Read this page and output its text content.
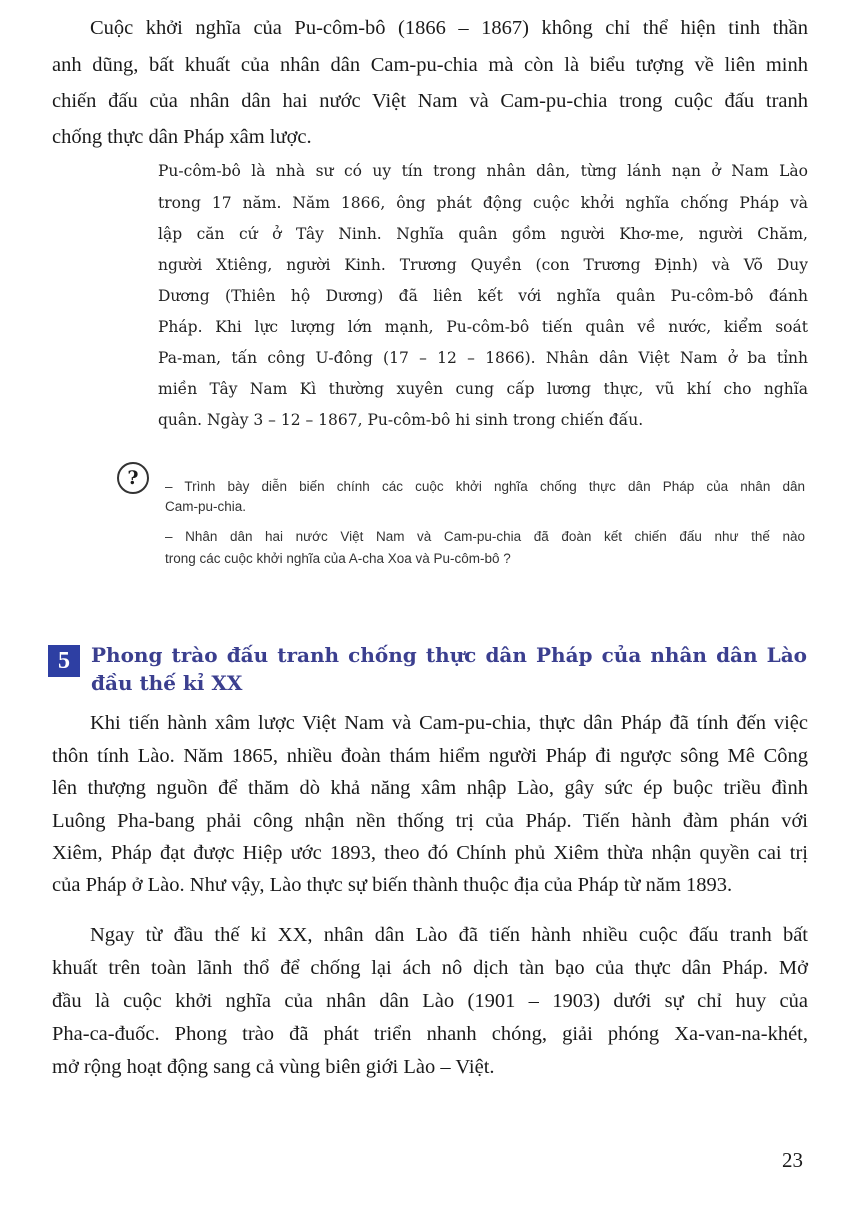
Cuộc khởi nghĩa của Pu-côm-bô (1866 – 1867) không chỉ thể hiện tinh thần
anh dũng, bất khuất của nhân dân Cam-pu-chia mà còn là biểu tượng về liên minh
chiến đấu của nhân dân hai nước Việt Nam và Cam-pu-chia trong cuộc đấu tranh
chống thực dân Pháp xâm lược.
Pu-côm-bô là nhà sư có uy tín trong nhân dân, từng lánh nạn ở Nam Lào
trong 17 năm. Năm 1866, ông phát động cuộc khởi nghĩa chống Pháp và
lập căn cứ ở Tây Ninh. Nghĩa quân gồm người Khơ-me, người Chăm,
người Xtiêng, người Kinh. Trương Quyền (con Trương Định) và Võ Duy
Dương (Thiên hộ Dương) đã liên kết với nghĩa quân Pu-côm-bô đánh
Pháp. Khi lực lượng lớn mạnh, Pu-côm-bô tiến quân về nước, kiểm soát
Pa-man, tấn công U-đông (17 – 12 – 1866). Nhân dân Việt Nam ở ba tỉnh
miền Tây Nam Kì thường xuyên cung cấp lương thực, vũ khí cho nghĩa
quân. Ngày 3 – 12 – 1867, Pu-côm-bô hi sinh trong chiến đấu.
?	– Trình bày diễn biến chính các cuộc khởi nghĩa chống thực dân Pháp của nhân dân
Cam-pu-chia.
– Nhân dân hai nước Việt Nam và Cam-pu-chia đã đoàn kết chiến đấu như thế nào
trong các cuộc khởi nghĩa của A-cha Xoa và Pu-côm-bô ?
5	Phong trào đấu tranh chống thực dân Pháp của nhân dân Lào
đầu thế kỉ XX
Khi tiến hành xâm lược Việt Nam và Cam-pu-chia, thực dân Pháp đã tính đến việc
thôn tính Lào. Năm 1865, nhiều đoàn thám hiểm người Pháp đi ngược sông Mê Công
lên thượng nguồn để thăm dò khả năng xâm nhập Lào, gây sức ép buộc triều đình
Luông Pha-bang phải công nhận nền thống trị của Pháp. Tiến hành đàm phán với
Xiêm, Pháp đạt được Hiệp ước 1893, theo đó Chính phủ Xiêm thừa nhận quyền cai trị
của Pháp ở Lào. Như vậy, Lào thực sự biến thành thuộc địa của Pháp từ năm 1893.
Ngay từ đầu thế kỉ XX, nhân dân Lào đã tiến hành nhiều cuộc đấu tranh bất
khuất trên toàn lãnh thổ để chống lại ách nô dịch tàn bạo của thực dân Pháp. Mở
đầu là cuộc khởi nghĩa của nhân dân Lào (1901 – 1903) dưới sự chỉ huy của
Pha-ca-đuốc. Phong trào đã phát triển nhanh chóng, giải phóng Xa-van-na-khét,
mở rộng hoạt động sang cả vùng biên giới Lào – Việt.
23
